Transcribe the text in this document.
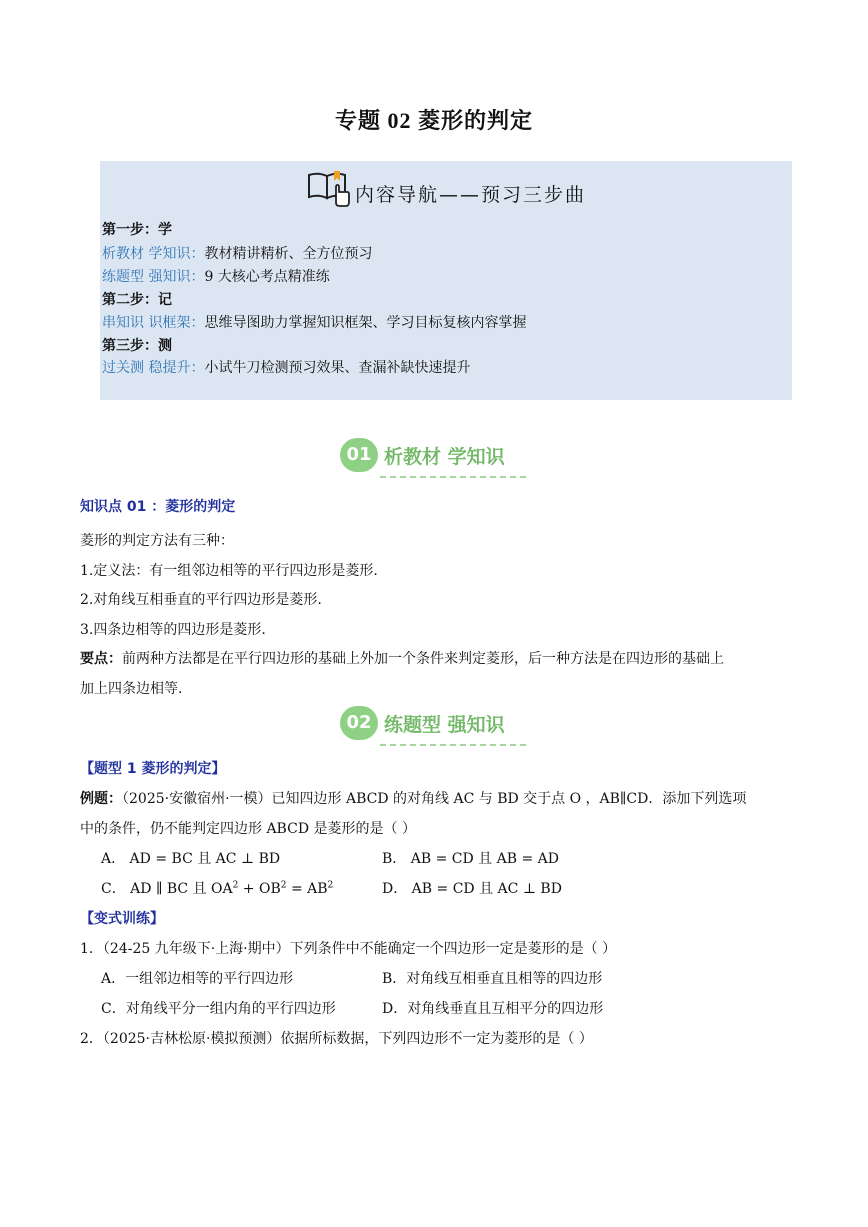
专题 02 菱形的判定
内容导航——预习三步曲
第一步：学
析教材 学知识：教材精讲精析、全方位预习
练题型 强知识：9 大核心考点精准练
第二步：记
串知识 识框架：思维导图助力掌握知识框架、学习目标复核内容掌握
第三步：测
过关测 稳提升：小试牛刀检测预习效果、查漏补缺快速提升
01 析教材 学知识
知识点 01 ：菱形的判定
菱形的判定方法有三种：
1.定义法：有一组邻边相等的平行四边形是菱形.
2.对角线互相垂直的平行四边形是菱形.
3.四条边相等的四边形是菱形.
要点：前两种方法都是在平行四边形的基础上外加一个条件来判定菱形，后一种方法是在四边形的基础上
加上四条边相等.
02 练题型 强知识
【题型 1 菱形的判定】
例题：（2025·安徽宿州·一模）已知四边形 ABCD 的对角线 AC 与 BD 交于点 O ，AB∥CD．添加下列选项
中的条件，仍不能判定四边形 ABCD 是菱形的是（ ）
A． AD = BC 且 AC ⊥ BD	B． AB = CD 且 AB = AD
C． AD ∥ BC 且 $OA^2 + OB^2 = AB^2$	D． AB = CD 且 AC ⊥ BD
【变式训练】
1．（24-25 九年级下·上海·期中）下列条件中不能确定一个四边形一定是菱形的是（ ）
A．一组邻边相等的平行四边形	B．对角线互相垂直且相等的四边形
C．对角线平分一组内角的平行四边形	D．对角线垂直且互相平分的四边形
2．（2025·吉林松原·模拟预测）依据所标数据，下列四边形不一定为菱形的是（ ）
